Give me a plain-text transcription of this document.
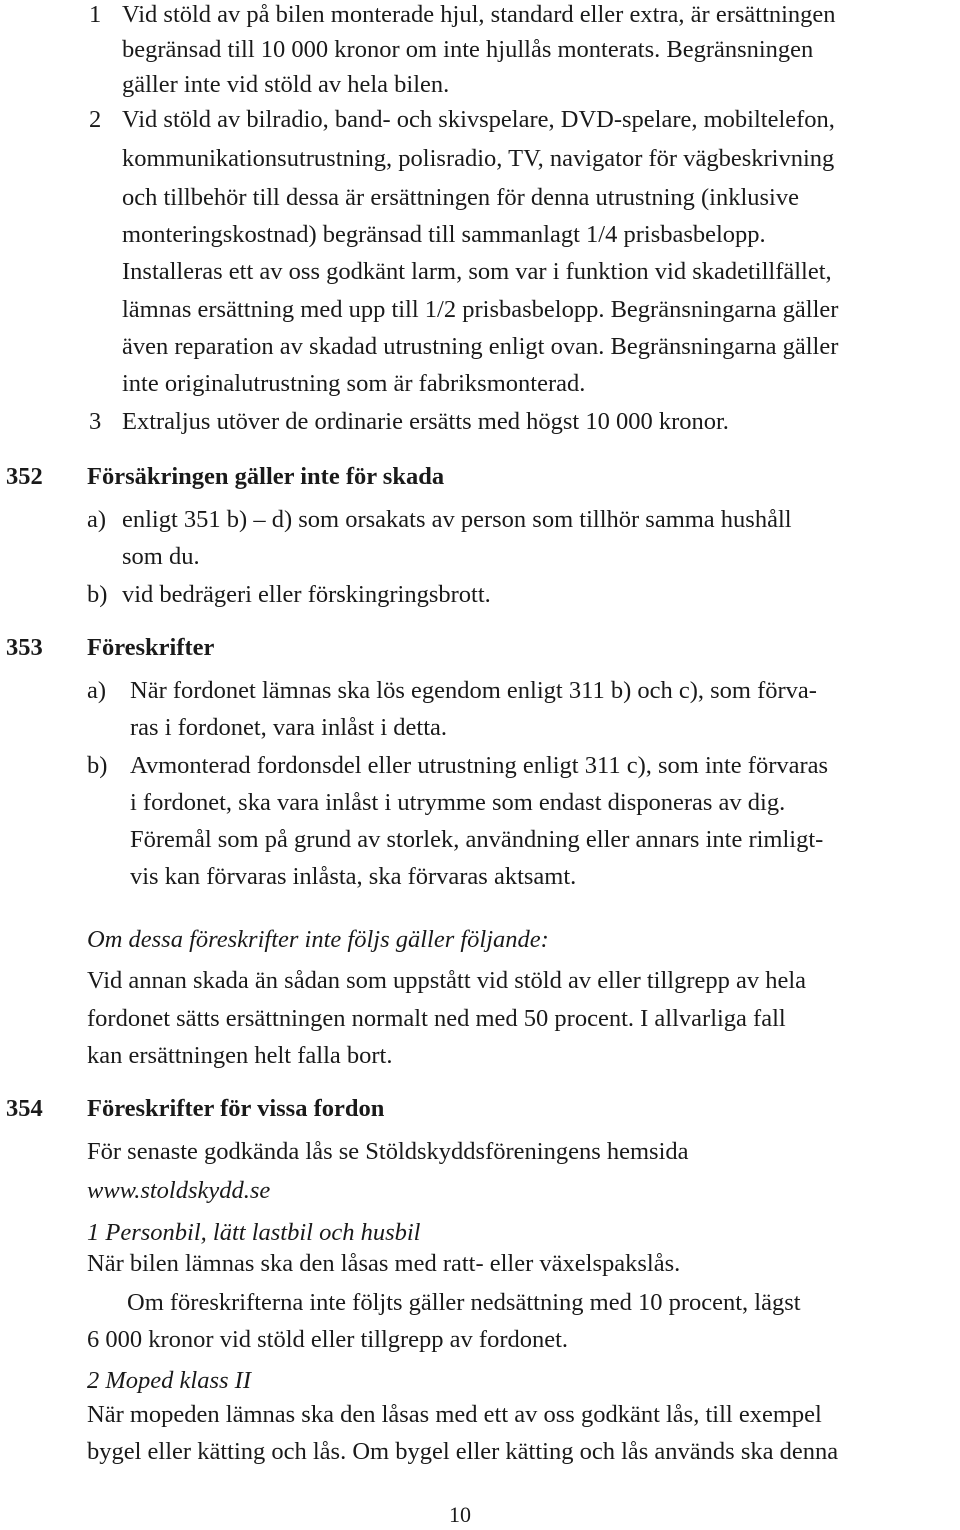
1 Vid stöld av på bilen monterade hjul, standard eller extra, är ersättningen
begränsad till 10 000 kronor om inte hjullås monterats. Begränsningen
gäller inte vid stöld av hela bilen.
2 Vid stöld av bilradio, band- och skivspelare, DVD-spelare, mobiltelefon,
kommunikationsutrustning, polisradio, TV, navigator för vägbeskrivning
och tillbehör till dessa är ersättningen för denna utrustning (inklusive
monteringskostnad) begränsad till sammanlagt 1/4 prisbasbelopp.
Installeras ett av oss godkänt larm, som var i funktion vid skadetillfället,
lämnas ersättning med upp till 1/2 prisbasbelopp. Begränsningarna gäller
även reparation av skadad utrustning enligt ovan. Begränsningarna gäller
inte originalutrustning som är fabriksmonterad.
3 Extraljus utöver de ordinarie ersätts med högst 10 000 kronor.
352 Försäkringen gäller inte för skada
a) enligt 351 b) – d) som orsakats av person som tillhör samma hushåll
som du.
b) vid bedrägeri eller förskingringsbrott.
353 Föreskrifter
a) När fordonet lämnas ska lös egendom enligt 311 b) och c), som förva-
ras i fordonet, vara inlåst i detta.
b) Avmonterad fordonsdel eller utrustning enligt 311 c), som inte förvaras
i fordonet, ska vara inlåst i utrymme som endast disponeras av dig.
Föremål som på grund av storlek, användning eller annars inte rimligt-
vis kan förvaras inlåsta, ska förvaras aktsamt.
Om dessa föreskrifter inte följs gäller följande:
Vid annan skada än sådan som uppstått vid stöld av eller tillgrepp av hela
fordonet sätts ersättningen normalt ned med 50 procent. I allvarliga fall
kan ersättningen helt falla bort.
354 Föreskrifter för vissa fordon
För senaste godkända lås se Stöldskyddsföreningens hemsida
www.stoldskydd.se
1 Personbil, lätt lastbil och husbil
När bilen lämnas ska den låsas med ratt- eller växelspakslås.
Om föreskrifterna inte följts gäller nedsättning med 10 procent, lägst
6 000 kronor vid stöld eller tillgrepp av fordonet.
2 Moped klass II
När mopeden lämnas ska den låsas med ett av oss godkänt lås, till exempel
bygel eller kätting och lås. Om bygel eller kätting och lås används ska denna
10
